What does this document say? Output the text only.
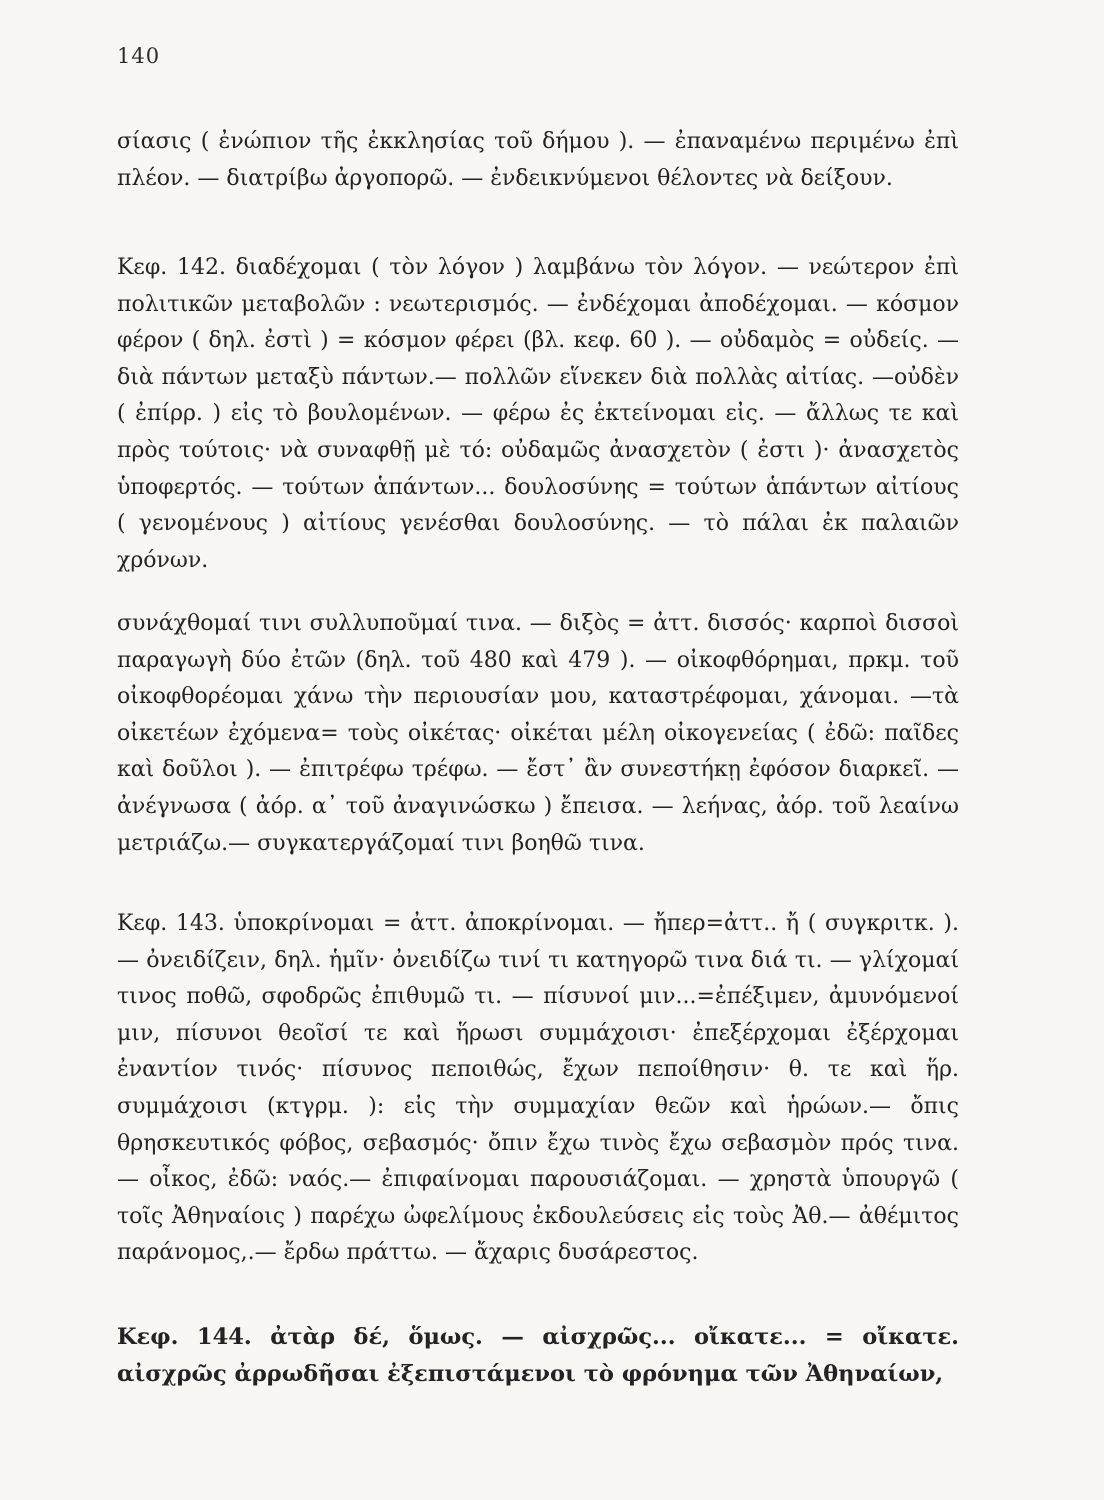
140

σίασις ( ἐνώπιον τῆς ἐκκλησίας τοῦ δήμου ). — ἐπαναμένω περιμένω ἐπὶ πλέον. — διατρίβω ἀργοπορῶ. — ἐνδεικνύμενοι θέλοντες νὰ δείξουν.

Κεφ. 142. διαδέχομαι ( τὸν λόγον ) λαμβάνω τὸν λόγον. — νεώτερον ἐπὶ πολιτικῶν μεταβολῶν : νεωτερισμός. — ἐνδέχομαι ἀποδέχομαι. — κόσμον φέρον ( δηλ. ἐστὶ ) = κόσμον φέρει (βλ. κεφ. 60 ). — οὐδαμὸς = οὐδείς. — διὰ πάντων μεταξὺ πάντων.— πολλῶν εἵνεκεν διὰ πολλὰς αἰτίας. —οὐδὲν ( ἐπίρρ. ) εἰς τὸ βουλομένων. — φέρω ἐς ἐκτείνομαι εἰς. — ἄλλως τε καὶ πρὸς τούτοις· νὰ συναφθῇ μὲ τό: οὐδαμῶς ἀνασχετὸν ( ἐστι )· ἀνασχετὸς ὑποφερτός. — τούτων ἁπάντων... δουλοσύνης = τούτων ἁπάντων αἰτίους ( γενομένους ) αἰτίους γενέσθαι δουλοσύνης. — τὸ πάλαι ἐκ παλαιῶν χρόνων.

συνάχθομαί τινι συλλυποῦμαί τινα. — διξὸς = ἀττ. δισσός· καρποὶ δισσοὶ παραγωγὴ δύο ἐτῶν (δηλ. τοῦ 480 καὶ 479 ). — οἰκοφθόρημαι, πρκμ. τοῦ οἰκοφθορέομαι χάνω τὴν περιουσίαν μου, καταστρέφομαι, χάνομαι. —τὰ οἰκετέων ἐχόμενα= τοὺς οἰκέτας· οἰκέται μέλη οἰκογενείας ( ἐδῶ: παῖδες καὶ δοῦλοι ). — ἐπιτρέφω τρέφω. — ἔστ᾽ ἂν συνεστήκῃ ἐφόσον διαρκεῖ. — ἀνέγνωσα ( ἀόρ. α᾽ τοῦ ἀναγινώσκω ) ἔπεισα. — λεήνας, ἀόρ. τοῦ λεαίνω μετριάζω.— συγκατεργάζομαί τινι βοηθῶ τινα.

Κεφ. 143. ὑποκρίνομαι = ἀττ. ἀποκρίνομαι. — ἤπερ=ἀττ.. ἤ ( συγκριτκ. ). — ὀνειδίζειν, δηλ. ἡμῖν· ὀνειδίζω τινί τι κατηγορῶ τινα διά τι. — γλίχομαί τινος ποθῶ, σφοδρῶς ἐπιθυμῶ τι. — πίσυνοί μιν...=ἐπέξιμεν, ἀμυνόμενοί μιν, πίσυνοι θεοῖσί τε καὶ ἥρωσι συμμάχοισι· ἐπεξέρχομαι ἐξέρχομαι ἐναντίον τινός· πίσυνος πεποιθώς, ἔχων πεποίθησιν· θ. τε καὶ ἥρ. συμμάχοισι (κτγρμ. ): εἰς τὴν συμμαχίαν θεῶν καὶ ἡρώων.— ὄπις θρησκευτικός φόβος, σεβασμός· ὄπιν ἔχω τινὸς ἔχω σεβασμὸν πρός τινα.— οἶκος, ἐδῶ: ναός.— ἐπιφαίνομαι παρουσιάζομαι. — χρηστὰ ὑπουργῶ ( τοῖς Ἀθηναίοις ) παρέχω ὠφελίμους ἐκδουλεύσεις εἰς τοὺς Ἀθ.— ἀθέμιτος παράνομος,.— ἔρδω πράττω. — ἄχαρις δυσάρεστος.

Κεφ. 144. ἀτὰρ δέ, ὅμως. — αἰσχρῶς... οἴκατε... = οἴκατε. αἰσχρῶς ἀρρωδῆσαι ἐξεπιστάμενοι τὸ φρόνημα τῶν Ἀθηναίων,
